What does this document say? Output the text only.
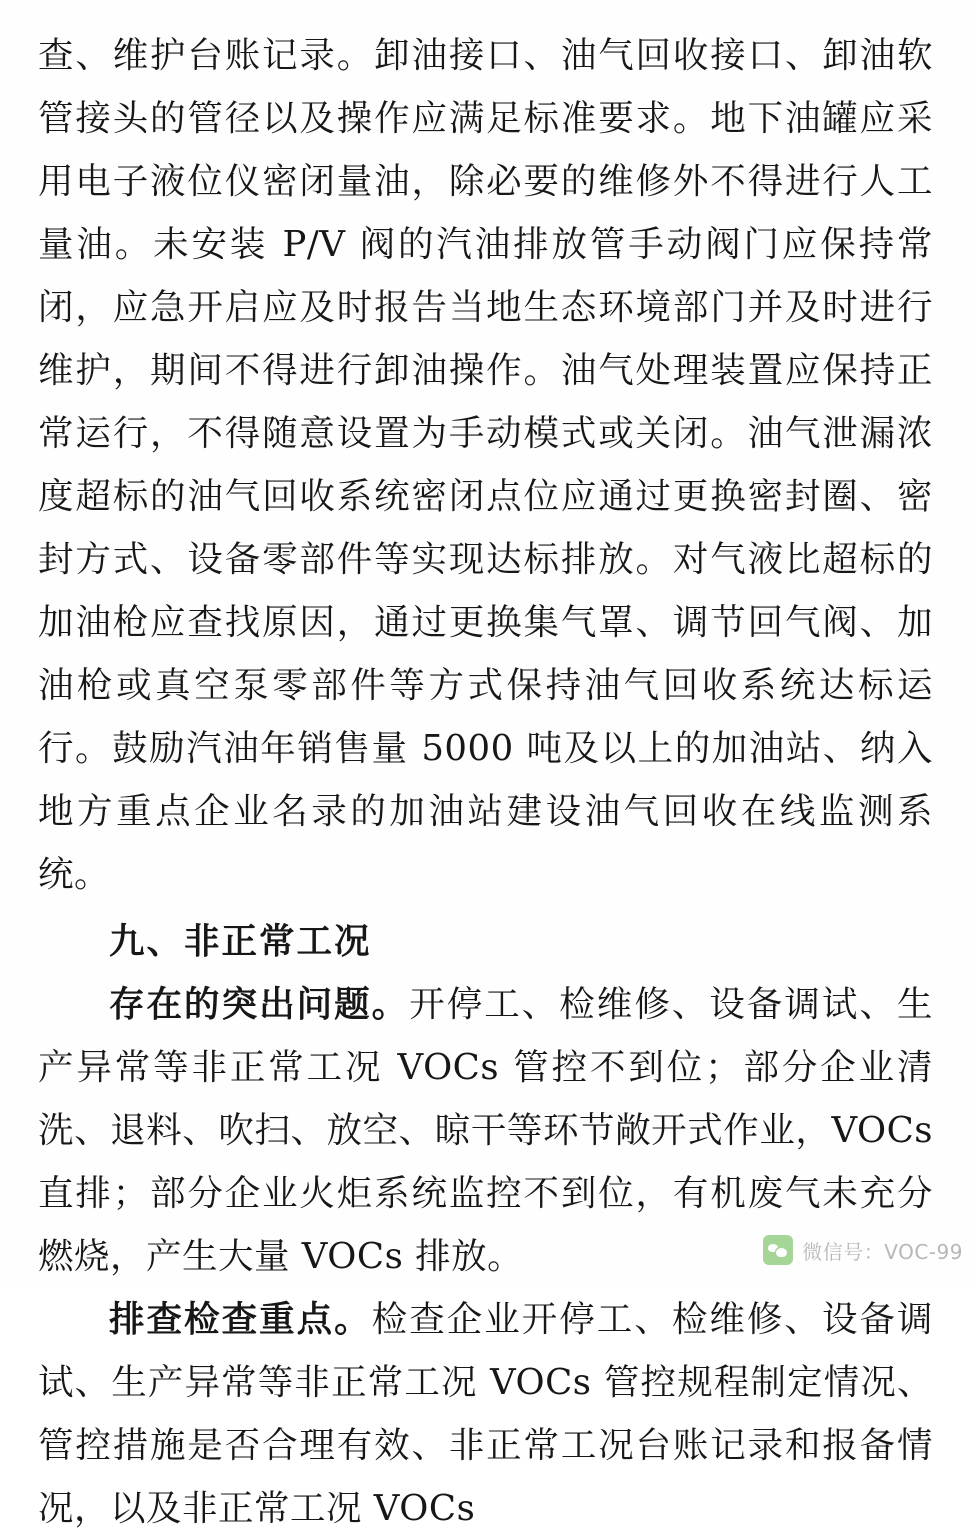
查、维护台账记录。卸油接口、油气回收接口、卸油软管接头的管径以及操作应满足标准要求。地下油罐应采用电子液位仪密闭量油，除必要的维修外不得进行人工量油。未安装 P/V 阀的汽油排放管手动阀门应保持常闭，应急开启应及时报告当地生态环境部门并及时进行维护，期间不得进行卸油操作。油气处理装置应保持正常运行，不得随意设置为手动模式或关闭。油气泄漏浓度超标的油气回收系统密闭点位应通过更换密封圈、密封方式、设备零部件等实现达标排放。对气液比超标的加油枪应查找原因，通过更换集气罩、调节回气阀、加油枪或真空泵零部件等方式保持油气回收系统达标运行。鼓励汽油年销售量 5000 吨及以上的加油站、纳入地方重点企业名录的加油站建设油气回收在线监测系统。

九、非正常工况

存在的突出问题。开停工、检维修、设备调试、生产异常等非正常工况 VOCs 管控不到位；部分企业清洗、退料、吹扫、放空、晾干等环节敞开式作业，VOCs 直排；部分企业火炬系统监控不到位，有机废气未充分燃烧，产生大量 VOCs 排放。

排查检查重点。检查企业开停工、检维修、设备调试、生产异常等非正常工况 VOCs 管控规程制定情况、管控措施是否合理有效、非正常工况台账记录和报备情况，以及非正常工况 VOCs

微信号：VOC-99
